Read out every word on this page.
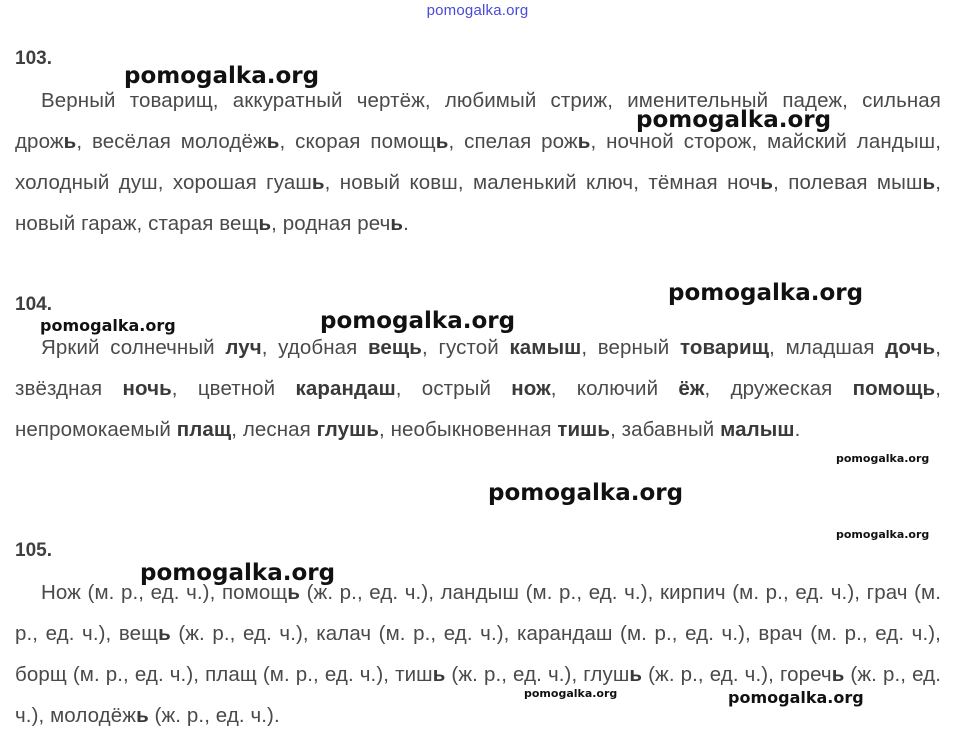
pomogalka.org
103.
Верный товарищ, аккуратный чертёж, любимый стриж, именительный падеж, сильная дрожь, весёлая молодёжь, скорая помощь, спелая рожь, ночной сторож, майский ландыш, холодный душ, хорошая гуашь, новый ковш, маленький ключ, тёмная ночь, полевая мышь, новый гараж, старая вещь, родная речь.
104.
Яркий солнечный луч, удобная вещь, густой камыш, верный товарищ, младшая дочь, звёздная ночь, цветной карандаш, острый нож, колючий ёж, дружеская помощь, непромокаемый плащ, лесная глушь, необыкновенная тишь, забавный малыш.
105.
Нож (м. р., ед. ч.), помощь (ж. р., ед. ч.), ландыш (м. р., ед. ч.), кирпич (м. р., ед. ч.), грач (м. р., ед. ч.), вещь (ж. р., ед. ч.), калач (м. р., ед. ч.), карандаш (м. р., ед. ч.), врач (м. р., ед. ч.), борщ (м. р., ед. ч.), плащ (м. р., ед. ч.), тишь (ж. р., ед. ч.), глушь (ж. р., ед. ч.), горечь (ж. р., ед. ч.), молодёжь (ж. р., ед. ч.).
pomogalka.org
pomogalka.org
pomogalka.org
pomogalka.org	pomogalka.org
pomogalka.org
pomogalka.org
pomogalka.org
pomogalka.org
pomogalka.org	pomogalka.org
